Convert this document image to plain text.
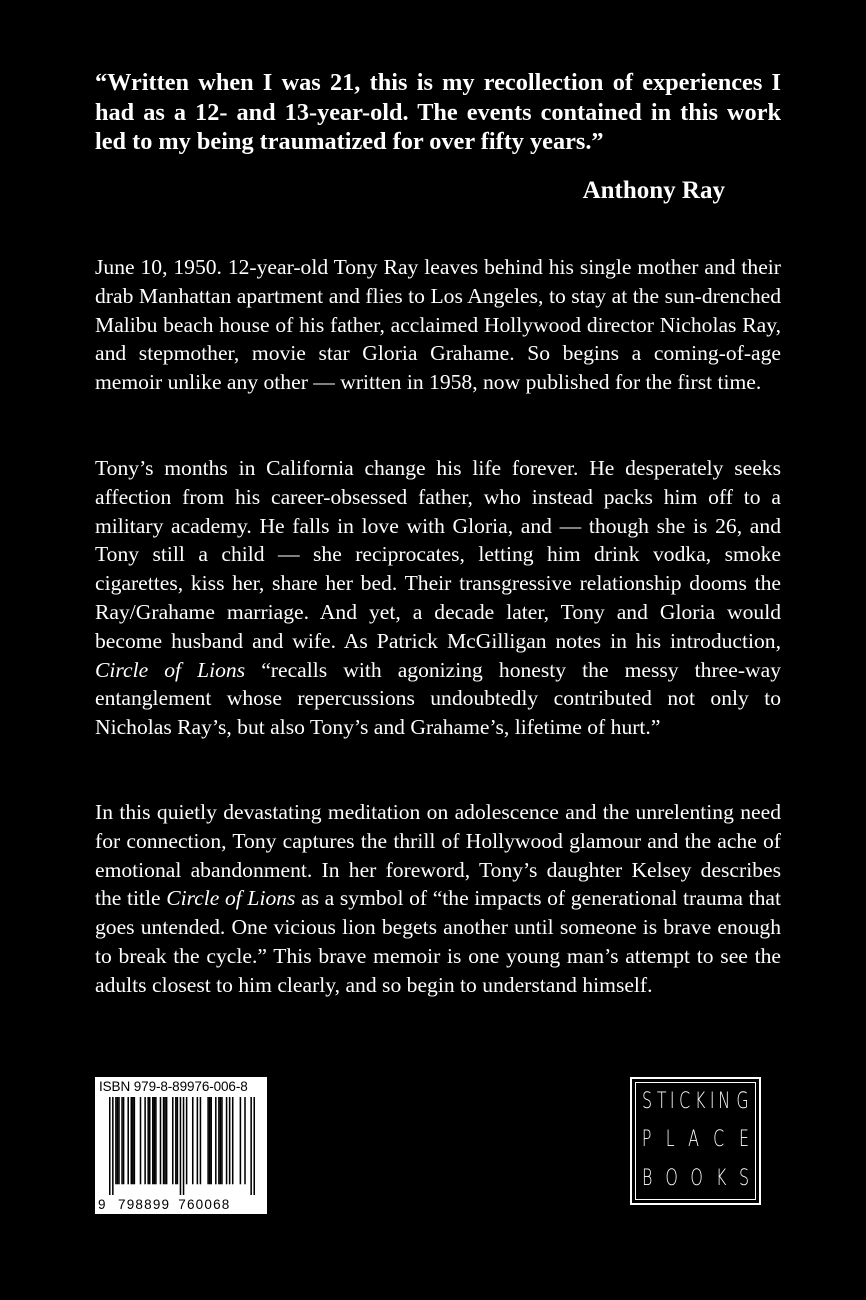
“Written when I was 21, this is my recollection of experiences I had as a 12- and 13-year-old. The events contained in this work led to my being traumatized for over fifty years.”

Anthony Ray

June 10, 1950. 12-year-old Tony Ray leaves behind his single mother and their drab Manhattan apartment and flies to Los Angeles, to stay at the sun-drenched Malibu beach house of his father, acclaimed Hollywood director Nicholas Ray, and stepmother, movie star Gloria Grahame. So begins a coming-of-age memoir unlike any other — written in 1958, now published for the first time.

Tony’s months in California change his life forever. He desperately seeks affection from his career-obsessed father, who instead packs him off to a military academy. He falls in love with Gloria, and — though she is 26, and Tony still a child — she reciprocates, letting him drink vodka, smoke cigarettes, kiss her, share her bed. Their transgressive relationship dooms the Ray/Grahame marriage. And yet, a decade later, Tony and Gloria would become husband and wife. As Patrick McGilligan notes in his introduction, Circle of Lions “recalls with agonizing honesty the messy three-way entanglement whose repercussions undoubtedly contributed not only to Nicholas Ray’s, but also Tony’s and Grahame’s, lifetime of hurt.”

In this quietly devastating meditation on adolescence and the unrelenting need for connection, Tony captures the thrill of Hollywood glamour and the ache of emotional abandonment. In her foreword, Tony’s daughter Kelsey describes the title Circle of Lions as a symbol of “the impacts of generational trauma that goes untended. One vicious lion begets another until someone is brave enough to break the cycle.” This brave memoir is one young man’s attempt to see the adults closest to him clearly, and so begin to understand himself.

ISBN 979-8-89976-006-8
9 798899 760068
S T I C K I N G
P L A C E
B O O K S
